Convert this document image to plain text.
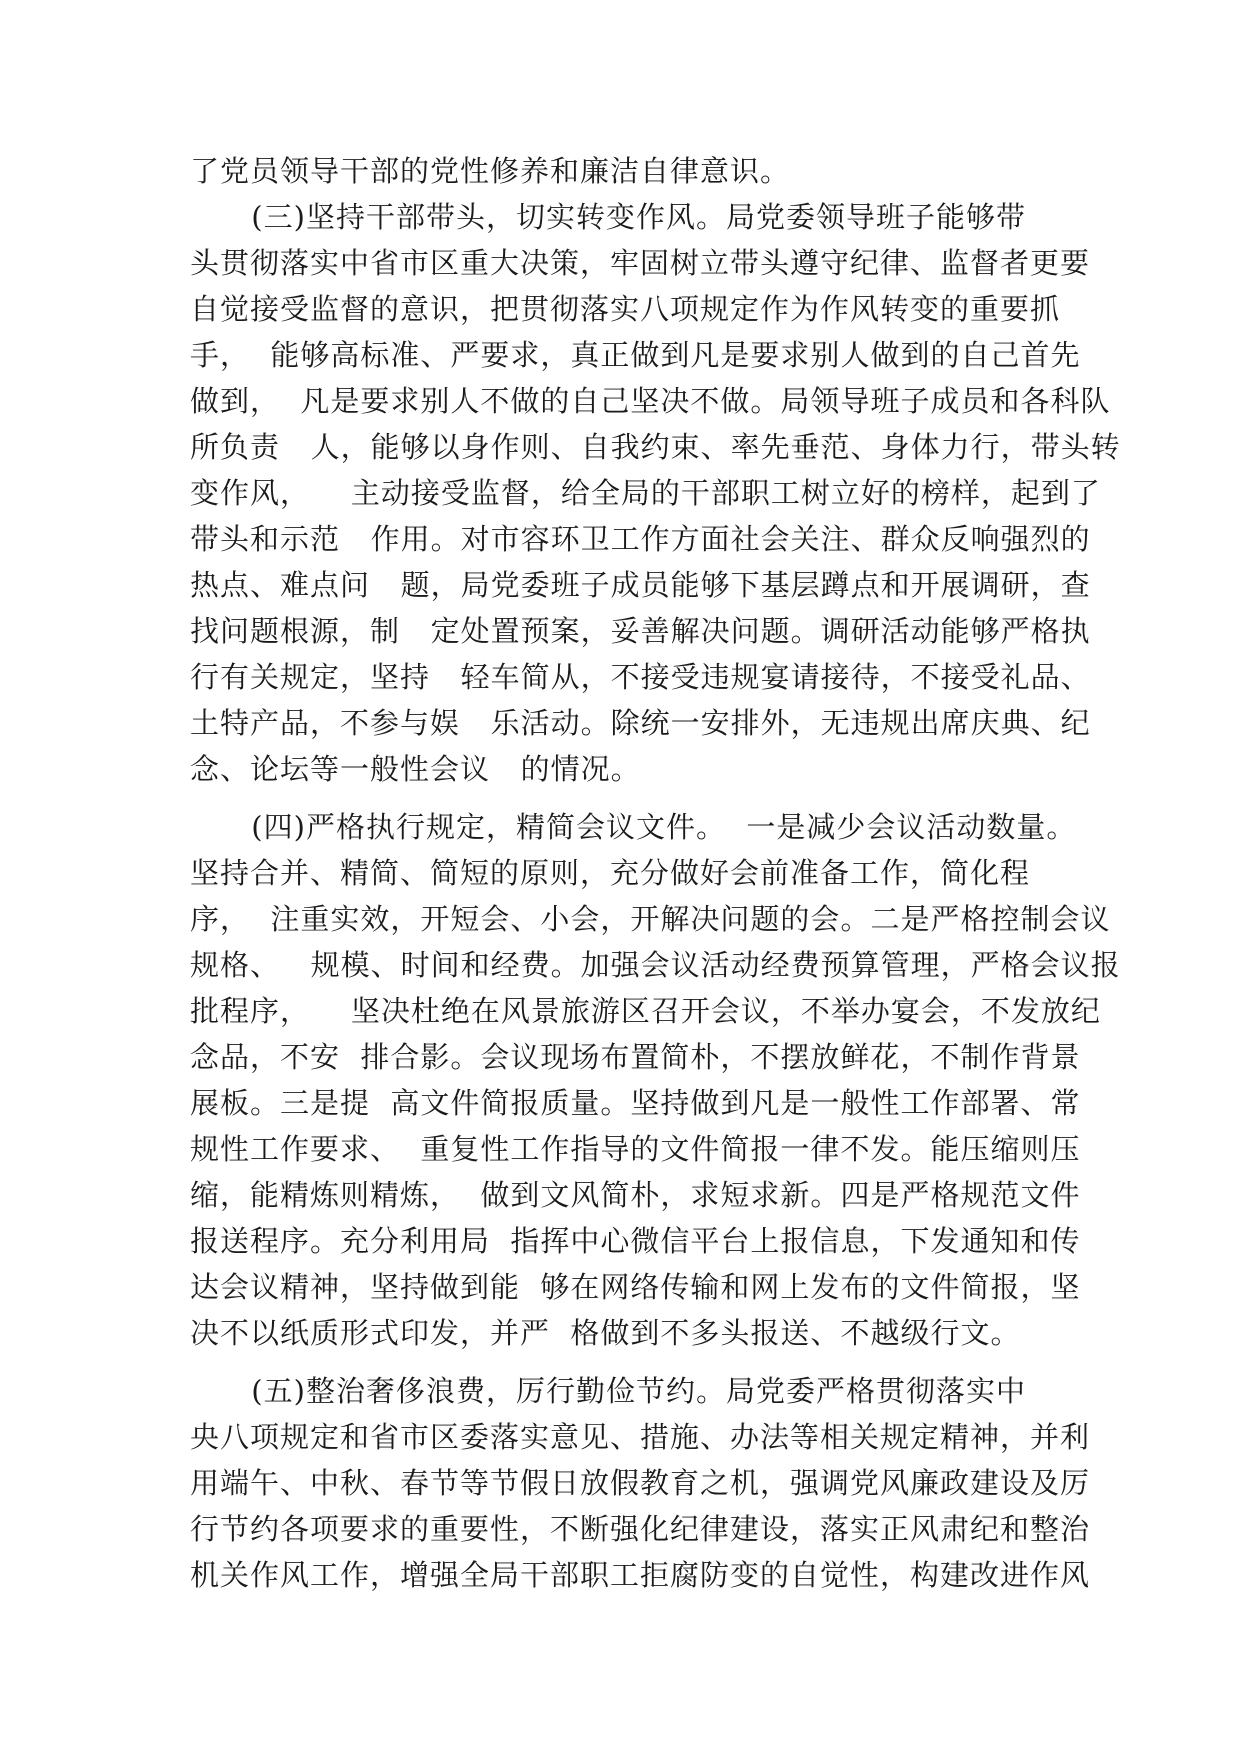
了党员领导干部的党性修养和廉洁自律意识。
(三)坚持干部带头，切实转变作风。局党委领导班子能够带
头贯彻落实中省市区重大决策，牢固树立带头遵守纪律、监督者更要
自觉接受监督的意识，把贯彻落实八项规定作为作风转变的重要抓
手，  能够高标准、严要求，真正做到凡是要求别人做到的自己首先
做到，  凡是要求别人不做的自己坚决不做。局领导班子成员和各科队
所负责   人，能够以身作则、自我约束、率先垂范、身体力行，带头转
变作风，    主动接受监督，给全局的干部职工树立好的榜样，起到了
带头和示范   作用。对市容环卫工作方面社会关注、群众反响强烈的
热点、难点问   题，局党委班子成员能够下基层蹲点和开展调研，查
找问题根源，制   定处置预案，妥善解决问题。调研活动能够严格执
行有关规定，坚持   轻车简从，不接受违规宴请接待，不接受礼品、
土特产品，不参与娱   乐活动。除统一安排外，无违规出席庆典、纪
念、论坛等一般性会议   的情况。
(四)严格执行规定，精简会议文件。  一是减少会议活动数量。
坚持合并、精简、简短的原则，充分做好会前准备工作，简化程
序，  注重实效，开短会、小会，开解决问题的会。二是严格控制会议
规格、   规模、时间和经费。加强会议活动经费预算管理，严格会议报
批程序，    坚决杜绝在风景旅游区召开会议，不举办宴会，不发放纪
念品，不安  排合影。会议现场布置简朴，不摆放鲜花，不制作背景
展板。三是提  高文件简报质量。坚持做到凡是一般性工作部署、常
规性工作要求、  重复性工作指导的文件简报一律不发。能压缩则压
缩，能精炼则精炼，  做到文风简朴，求短求新。四是严格规范文件
报送程序。充分利用局  指挥中心微信平台上报信息，下发通知和传
达会议精神，坚持做到能  够在网络传输和网上发布的文件简报，坚
决不以纸质形式印发，并严  格做到不多头报送、不越级行文。
(五)整治奢侈浪费，厉行勤俭节约。局党委严格贯彻落实中
央八项规定和省市区委落实意见、措施、办法等相关规定精神，并利
用端午、中秋、春节等节假日放假教育之机，强调党风廉政建设及厉
行节约各项要求的重要性，不断强化纪律建设，落实正风肃纪和整治
机关作风工作，增强全局干部职工拒腐防变的自觉性，构建改进作风
